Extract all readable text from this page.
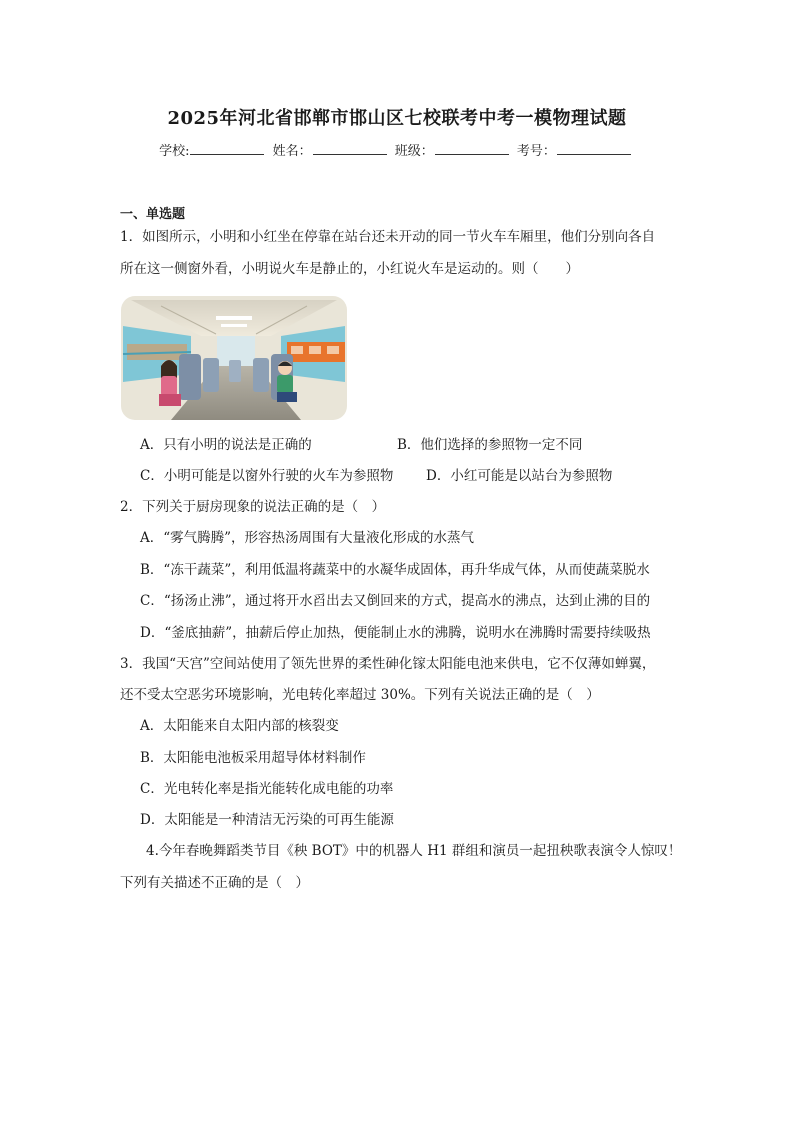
2025年河北省邯郸市邯山区七校联考中考一模物理试题
学校:	姓名：	班级：	考号：
一、单选题
1．如图所示，小明和小红坐在停靠在站台还未开动的同一节火车车厢里，他们分别向各自
所在这一侧窗外看，小明说火车是静止的，小红说火车是运动的。则（　　）
A．只有小明的说法是正确的	B．他们选择的参照物一定不同
C．小明可能是以窗外行驶的火车为参照物 D．小红可能是以站台为参照物
2．下列关于厨房现象的说法正确的是（　）
A．“雾气腾腾”，形容热汤周围有大量液化形成的水蒸气
B．“冻干蔬菜”，利用低温将蔬菜中的水凝华成固体，再升华成气体，从而使蔬菜脱水
C．“扬汤止沸”，通过将开水舀出去又倒回来的方式，提高水的沸点，达到止沸的目的
D．“釜底抽薪”，抽薪后停止加热，便能制止水的沸腾，说明水在沸腾时需要持续吸热
3．我国“天宫”空间站使用了领先世界的柔性砷化镓太阳能电池来供电，它不仅薄如蝉翼，
还不受太空恶劣环境影响，光电转化率超过 30%。下列有关说法正确的是（　）
A．太阳能来自太阳内部的核裂变
B．太阳能电池板采用超导体材料制作
C．光电转化率是指光能转化成电能的功率
D．太阳能是一种清洁无污染的可再生能源
4.今年春晚舞蹈类节目《秧 BOT》中的机器人 H1 群组和演员一起扭秧歌表演令人惊叹！
下列有关描述不正确的是（　）
